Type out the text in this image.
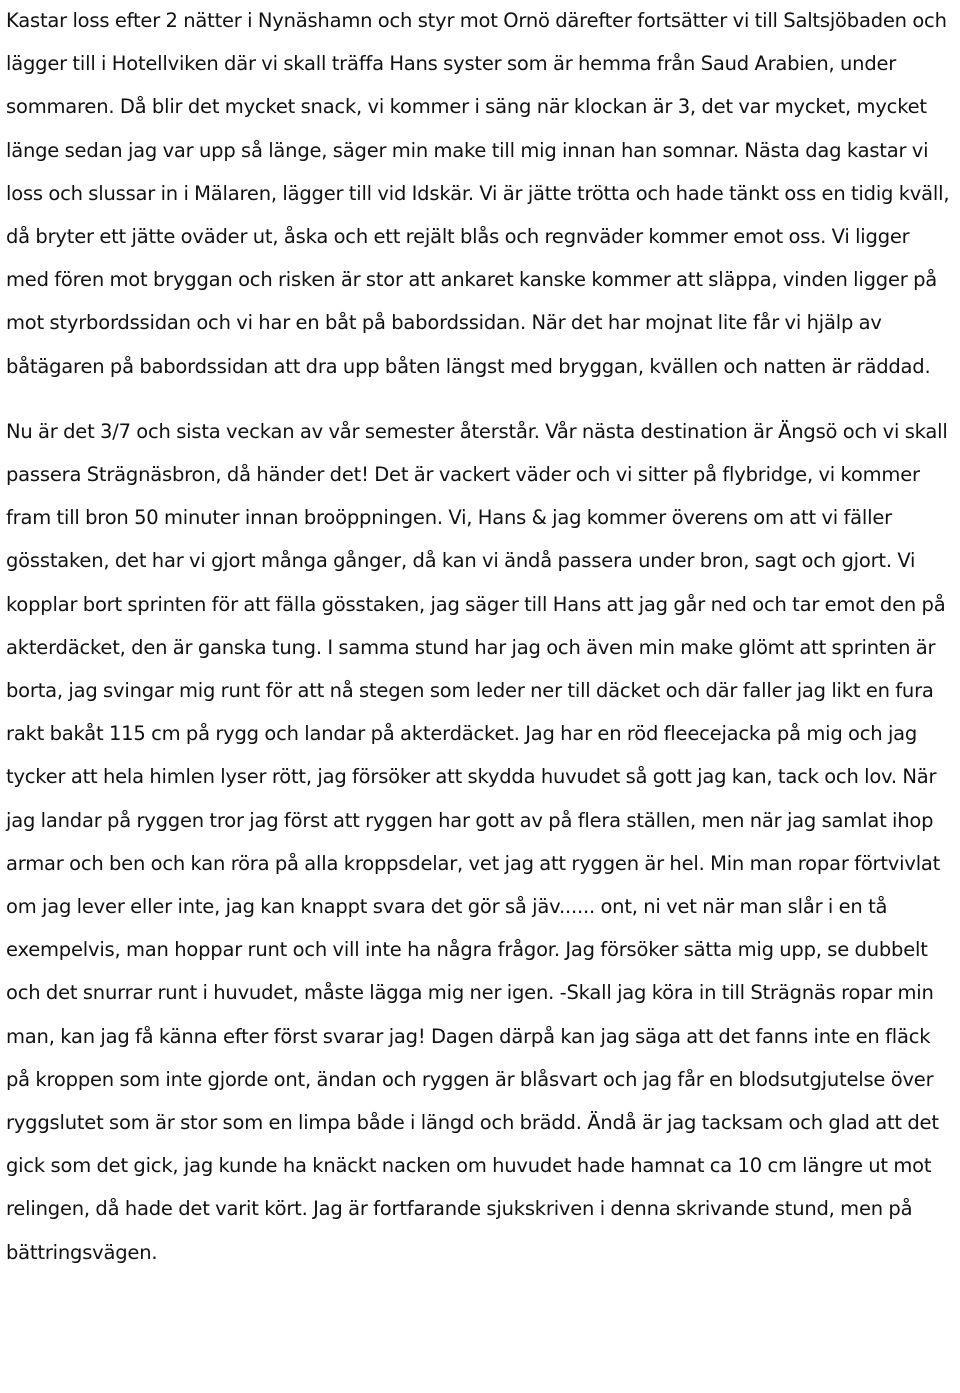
Kastar loss efter 2 nätter i Nynäshamn och styr mot Ornö därefter fortsätter vi till Saltsjöbaden och lägger till i Hotellviken där vi skall träffa Hans syster som är hemma från Saud Arabien, under sommaren. Då blir det mycket snack, vi kommer i säng när klockan är 3, det var mycket, mycket länge sedan jag var upp så länge, säger min make till mig innan han somnar. Nästa dag kastar vi loss och slussar in i Mälaren, lägger till vid Idskär. Vi är jätte trötta och hade tänkt oss en tidig kväll, då bryter ett jätte oväder ut, åska och ett rejält blås och regnväder kommer emot oss. Vi ligger med fören mot bryggan och risken är stor att ankaret kanske kommer att släppa, vinden ligger på mot styrbordssidan och vi har en båt på babordssidan. När det har mojnat lite får vi hjälp av båtägaren på babordssidan att dra upp båten längst med bryggan, kvällen och natten är räddad.

Nu är det 3/7 och sista veckan av vår semester återstår. Vår nästa destination är Ängsö och vi skall passera Strägnäsbron, då händer det! Det är vackert väder och vi sitter på flybridge, vi kommer fram till bron 50 minuter innan broöppningen. Vi, Hans & jag kommer överens om att vi fäller gösstaken, det har vi gjort många gånger, då kan vi ändå passera under bron, sagt och gjort. Vi kopplar bort sprinten för att fälla gösstaken, jag säger till Hans att jag går ned och tar emot den på akterdäcket, den är ganska tung. I samma stund har jag och även min make glömt att sprinten är borta, jag svingar mig runt för att nå stegen som leder ner till däcket och där faller jag likt en fura rakt bakåt 115 cm på rygg och landar på akterdäcket. Jag har en röd fleecejacka på mig och jag tycker att hela himlen lyser rött, jag försöker att skydda huvudet så gott jag kan, tack och lov. När jag landar på ryggen tror jag först att ryggen har gott av på flera ställen, men när jag samlat ihop armar och ben och kan röra på alla kroppsdelar, vet jag att ryggen är hel. Min man ropar förtvivlat om jag lever eller inte, jag kan knappt svara det gör så jäv...... ont, ni vet när man slår i en tå exempelvis, man hoppar runt och vill inte ha några frågor. Jag försöker sätta mig upp, se dubbelt och det snurrar runt i huvudet, måste lägga mig ner igen. -Skall jag köra in till Strägnäs ropar min man, kan jag få känna efter först svarar jag! Dagen därpå kan jag säga att det fanns inte en fläck på kroppen som inte gjorde ont, ändan och ryggen är blåsvart och jag får en blodsutgjutelse över ryggslutet som är stor som en limpa både i längd och brädd. Ändå är jag tacksam och glad att det gick som det gick, jag kunde ha knäckt nacken om huvudet hade hamnat ca 10 cm längre ut mot relingen, då hade det varit kört. Jag är fortfarande sjukskriven i denna skrivande stund, men på bättringsvägen.
